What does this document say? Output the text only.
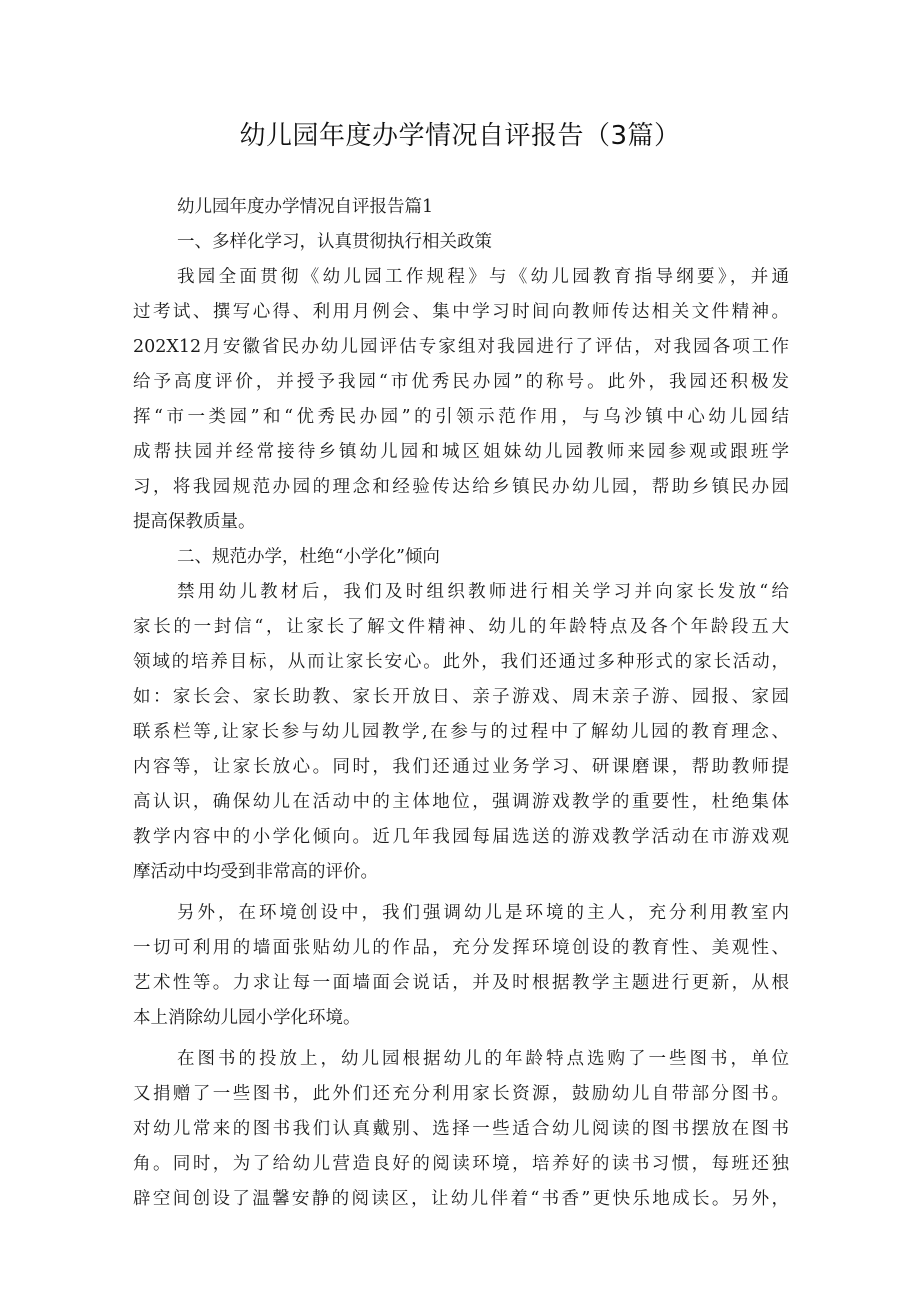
幼儿园年度办学情况自评报告（3篇）

幼儿园年度办学情况自评报告篇1

一、多样化学习，认真贯彻执行相关政策

我园全面贯彻《幼儿园工作规程》与《幼儿园教育指导纲要》，并通

过考试、撰写心得、利用月例会、集中学习时间向教师传达相关文件精神。

202X12月安徽省民办幼儿园评估专家组对我园进行了评估，对我园各项工作

给予高度评价，并授予我园“市优秀民办园”的称号。此外，我园还积极发

挥“市一类园”和“优秀民办园”的引领示范作用，与乌沙镇中心幼儿园结

成帮扶园并经常接待乡镇幼儿园和城区姐妹幼儿园教师来园参观或跟班学

习，将我园规范办园的理念和经验传达给乡镇民办幼儿园，帮助乡镇民办园

提高保教质量。

二、规范办学，杜绝“小学化”倾向

禁用幼儿教材后，我们及时组织教师进行相关学习并向家长发放“给

家长的一封信“，让家长了解文件精神、幼儿的年龄特点及各个年龄段五大

领域的培养目标，从而让家长安心。此外，我们还通过多种形式的家长活动，

如：家长会、家长助教、家长开放日、亲子游戏、周末亲子游、园报、家园

联系栏等,让家长参与幼儿园教学,在参与的过程中了解幼儿园的教育理念、

内容等，让家长放心。同时，我们还通过业务学习、研课磨课，帮助教师提

高认识，确保幼儿在活动中的主体地位，强调游戏教学的重要性，杜绝集体

教学内容中的小学化倾向。近几年我园每届选送的游戏教学活动在市游戏观

摩活动中均受到非常高的评价。

另外，在环境创设中，我们强调幼儿是环境的主人，充分利用教室内

一切可利用的墙面张贴幼儿的作品，充分发挥环境创设的教育性、美观性、

艺术性等。力求让每一面墙面会说话，并及时根据教学主题进行更新，从根

本上消除幼儿园小学化环境。

在图书的投放上，幼儿园根据幼儿的年龄特点选购了一些图书，单位

又捐赠了一些图书，此外们还充分利用家长资源，鼓励幼儿自带部分图书。

对幼儿常来的图书我们认真戴别、选择一些适合幼儿阅读的图书摆放在图书

角。同时，为了给幼儿营造良好的阅读环境，培养好的读书习惯，每班还独

辟空间创设了温馨安静的阅读区，让幼儿伴着“书香”更快乐地成长。另外，
